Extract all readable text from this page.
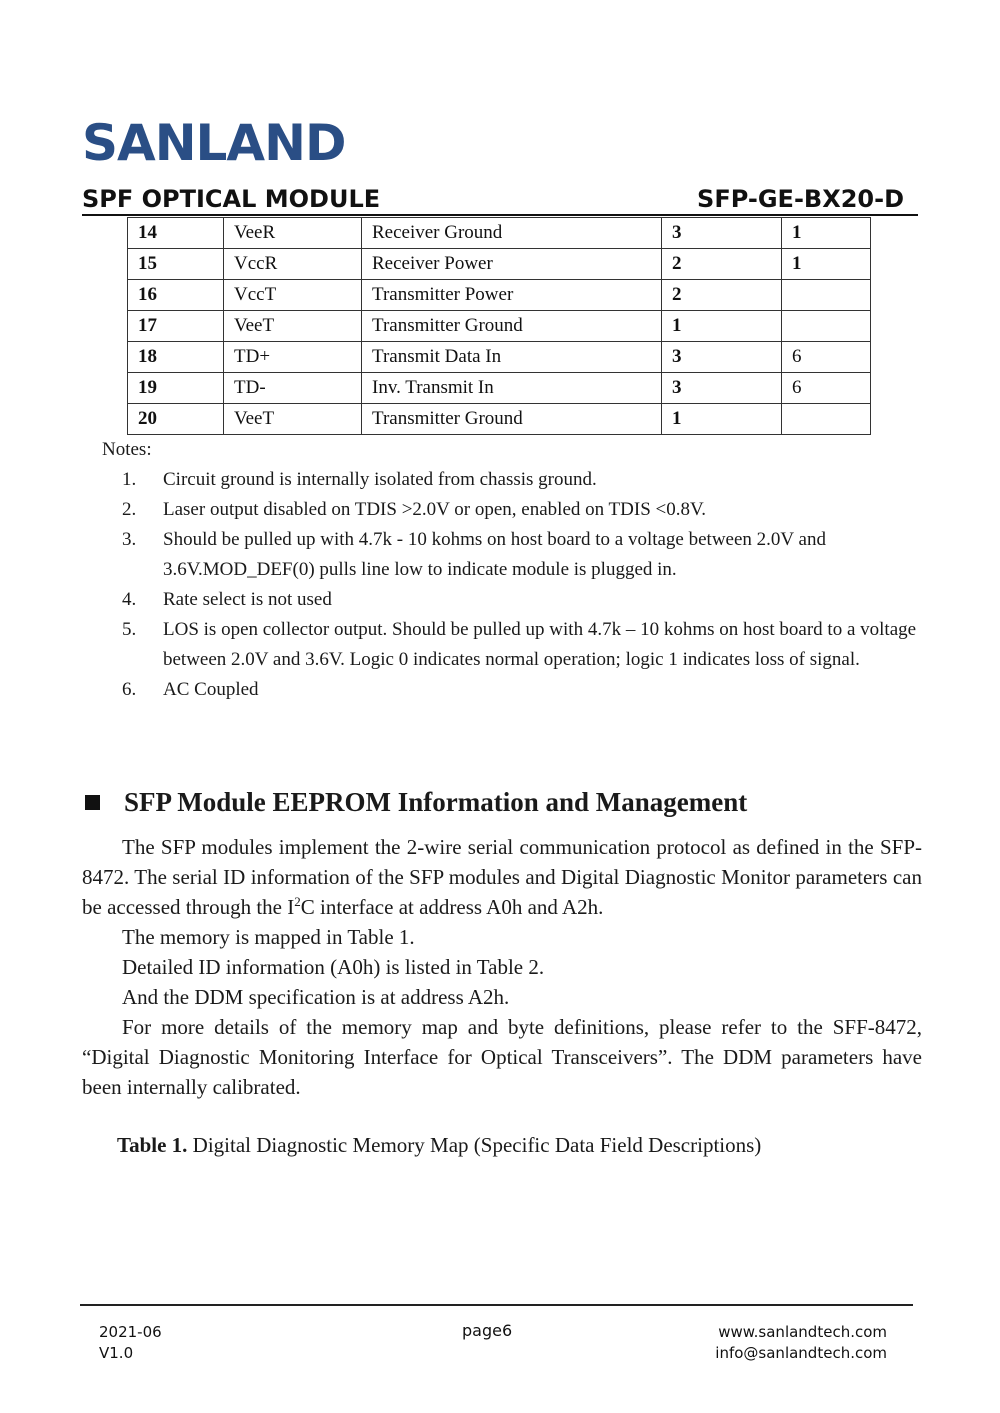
SANLAND
SPF OPTICAL MODULE	SFP-GE-BX20-D
14	VeeR	Receiver Ground	3	1
15	VccR	Receiver Power	2	1
16	VccT	Transmitter Power	2	
17	VeeT	Transmitter Ground	1	
18	TD+	Transmit Data In	3	6
19	TD-	Inv. Transmit In	3	6
20	VeeT	Transmitter Ground	1	
Notes:
1.	Circuit ground is internally isolated from chassis ground.
2.	Laser output disabled on TDIS >2.0V or open, enabled on TDIS <0.8V.
3.	Should be pulled up with 4.7k - 10 kohms on host board to a voltage between 2.0V and 3.6V.MOD_DEF(0) pulls line low to indicate module is plugged in.
4.	Rate select is not used
5.	LOS is open collector output. Should be pulled up with 4.7k – 10 kohms on host board to a voltage between 2.0V and 3.6V. Logic 0 indicates normal operation; logic 1 indicates loss of signal.
6.	AC Coupled
SFP Module EEPROM Information and Management

The SFP modules implement the 2-wire serial communication protocol as defined in the SFP-8472. The serial ID information of the SFP modules and Digital Diagnostic Monitor parameters can be accessed through the $I^2C$ interface at address A0h and A2h.

The memory is mapped in Table 1.

Detailed ID information (A0h) is listed in Table 2.

And the DDM specification is at address A2h.

For more details of the memory map and byte definitions, please refer to the SFF-8472, “Digital Diagnostic Monitoring Interface for Optical Transceivers”. The DDM parameters have been internally calibrated.

Table 1. Digital Diagnostic Memory Map (Specific Data Field Descriptions)
2021-06
V1.0
page6	www.sanlandtech.com
info@sanlandtech.com
